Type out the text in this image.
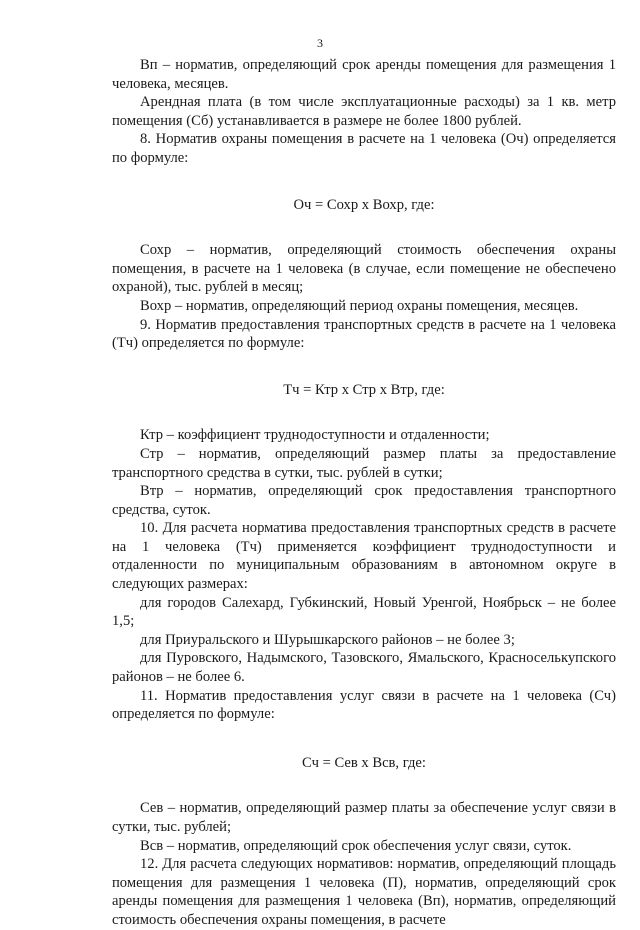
3

Вп – норматив, определяющий срок аренды помещения для размещения 1 человека, месяцев.

Арендная плата (в том числе эксплуатационные расходы) за 1 кв. метр помещения (Сб) устанавливается в размере не более 1800 рублей.

8. Норматив охраны помещения в расчете на 1 человека (Оч) определяется по формуле:

Оч = Сохр х Вохр, где:

Сохр – норматив, определяющий стоимость обеспечения охраны помещения, в расчете на 1 человека (в случае, если помещение не обеспечено охраной), тыс. рублей в месяц;

Вохр – норматив, определяющий период охраны помещения, месяцев.

9. Норматив предоставления транспортных средств в расчете на 1 человека (Тч) определяется по формуле:

Тч = Ктр х Стр х Втр, где:

Ктр – коэффициент труднодоступности и отдаленности;

Стр – норматив, определяющий размер платы за предоставление транспортного средства в сутки, тыс. рублей в сутки;

Втр – норматив, определяющий срок предоставления транспортного средства, суток.

10. Для расчета норматива предоставления транспортных средств в расчете на 1 человека (Тч) применяется коэффициент труднодоступности и отдаленности по муниципальным образованиям в автономном округе в следующих размерах:

для городов Салехард, Губкинский, Новый Уренгой, Ноябрьск – не более 1,5;

для Приуральского и Шурышкарского районов – не более 3;

для Пуровского, Надымского, Тазовского, Ямальского, Красноселькупского районов – не более 6.

11. Норматив предоставления услуг связи в расчете на 1 человека (Сч) определяется по формуле:

Сч = Сев х Всв, где:

Сев – норматив, определяющий размер платы за обеспечение услуг связи в сутки, тыс. рублей;

Всв – норматив, определяющий срок обеспечения услуг связи, суток.

12. Для расчета следующих нормативов: норматив, определяющий площадь помещения для размещения 1 человека (П), норматив, определяющий срок аренды помещения для размещения 1 человека (Вп), норматив, определяющий стоимость обеспечения охраны помещения, в расчете
